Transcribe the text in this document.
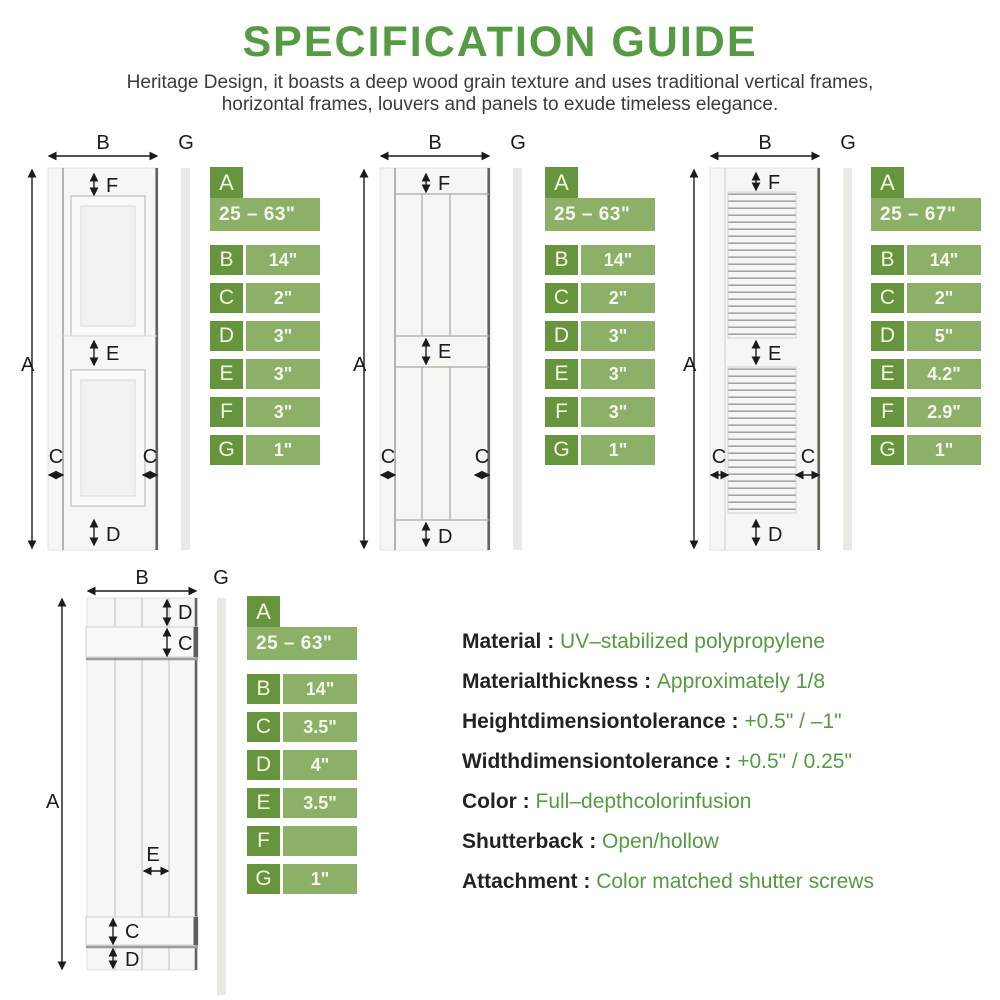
SPECIFICATION GUIDE
Heritage Design, it boasts a deep wood grain texture and uses traditional vertical frames,
horizontal frames, louvers and panels to exude timeless elegance.
B	G
A
F
E
C	C
D
B	G
A
F
E
C	C
D
B	G
A
F
E
C	C
D
B	G
A
D
C
E
C
D
A
25 – 63"
B	14"
C	2"
D	3"
E	3"
F	3"
G	1"
A
25 – 63"
B	14"
C	2"
D	3"
E	3"
F	3"
G	1"
A
25 – 67"
B	14"
C	2"
D	5"
E	4.2"
F	2.9"
G	1"
A
25 – 63"
B	14"
C	3.5"
D	4"
E	3.5"
F
G	1"
Material : UV–stabilized polypropylene
Materialthickness : Approximately 1/8
Heightdimensiontolerance : +0.5" / –1"
Widthdimensiontolerance : +0.5" / 0.25"
Color : Full–depthcolorinfusion
Shutterback : Open/hollow
Attachment : Color matched shutter screws
